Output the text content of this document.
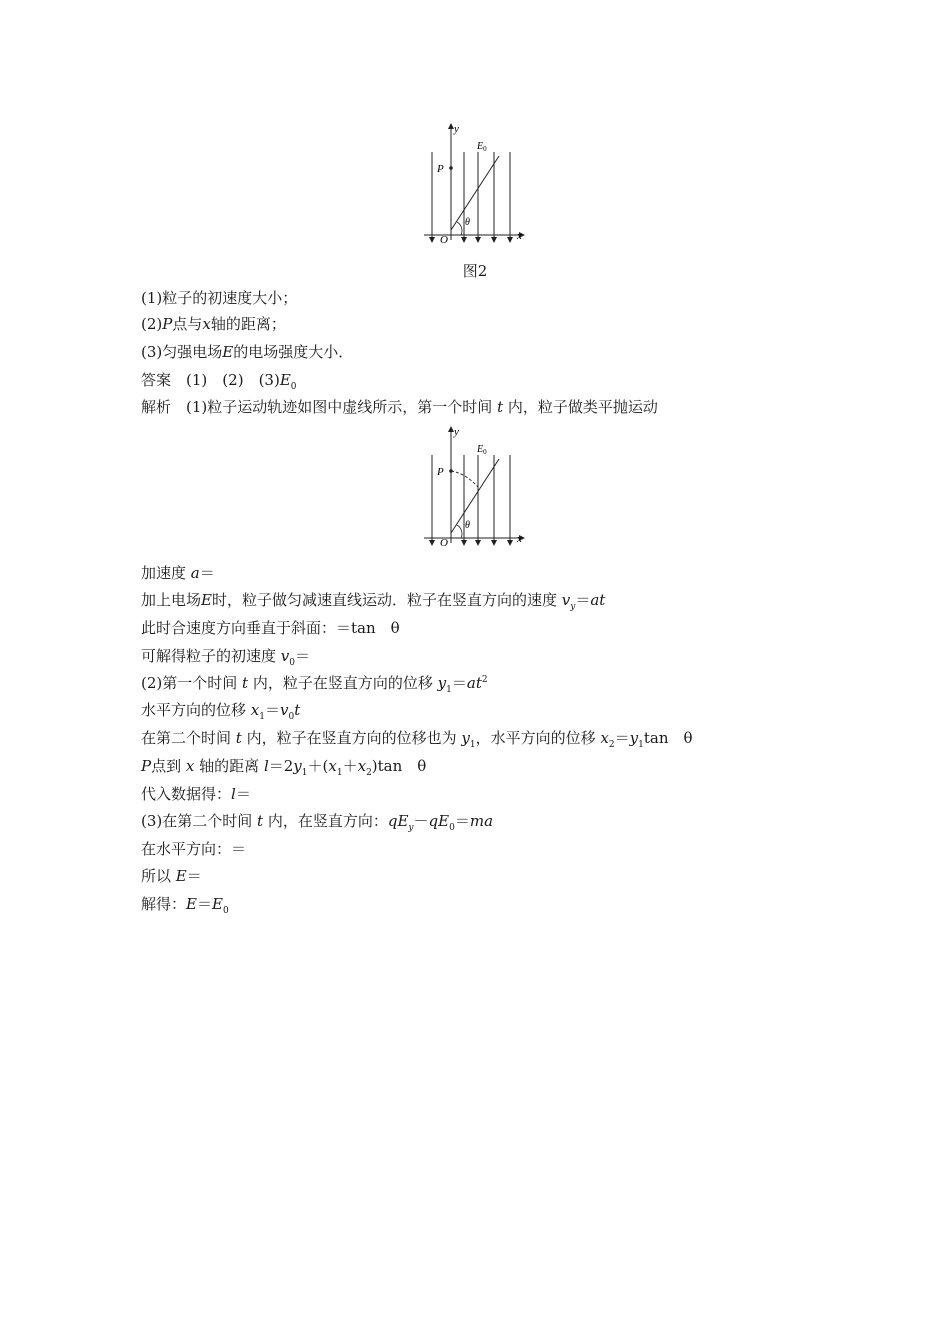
y
x
O
P
θ
$E_0$
图2
(1)粒子的初速度大小；
(2)P点与x轴的距离；
(3)匀强电场E的电场强度大小．
答案　 (1)　 (2)　 $(3)E_0$
解析　 (1)粒子运动轨迹如图中虚线所示，第一个时间 t 内，粒子做类平抛运动
y
x
O
P
θ
$E_0$
加速度 a＝
加上电场E时，粒子做匀减速直线运动．粒子在竖直方向的速度 $v_y=at$
此时合速度方向垂直于斜面：＝tan　θ
可解得粒子的初速度 $v_0=$
(2)第一个时间 t 内，粒子在竖直方向的位移 $y_1=at^2$
水平方向的位移 $x_1=v_0t$
在第二个时间 t 内，粒子在竖直方向的位移也为 $y_1$，水平方向的位移 $x_2=y_1\tan$　θ
P点到 x 轴的距离 $l=2y_1+(x_1+x_2)\tan$　θ
代入数据得：l＝
(3)在第二个时间 t 内，在竖直方向：$qE_y-qE_0=ma$
在水平方向：＝
所以 E＝
解得：$E=E_0$
